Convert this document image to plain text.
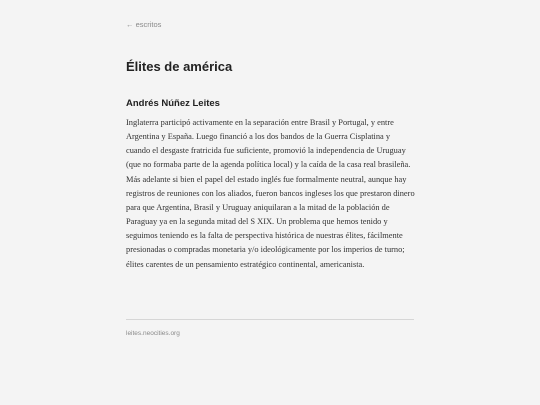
← escritos
Élites de américa
Andrés Núñez Leites

Inglaterra participó activamente en la separación entre Brasil y Portugal, y entre Argentina y España. Luego financió a los dos bandos de la Guerra Cisplatina y cuando el desgaste fratricida fue suficiente, promovió la independencia de Uruguay (que no formaba parte de la agenda política local) y la caída de la casa real brasileña. Más adelante si bien el papel del estado inglés fue formalmente neutral, aunque hay registros de reuniones con los aliados, fueron bancos ingleses los que prestaron dinero para que Argentina, Brasil y Uruguay aniquilaran a la mitad de la población de Paraguay ya en la segunda mitad del S XIX. Un problema que hemos tenido y seguimos teniendo es la falta de perspectiva histórica de nuestras élites, fácilmente presionadas o compradas monetaria y/o ideológicamente por los imperios de turno; élites carentes de un pensamiento estratégico continental, americanista.

leites.neocities.org
